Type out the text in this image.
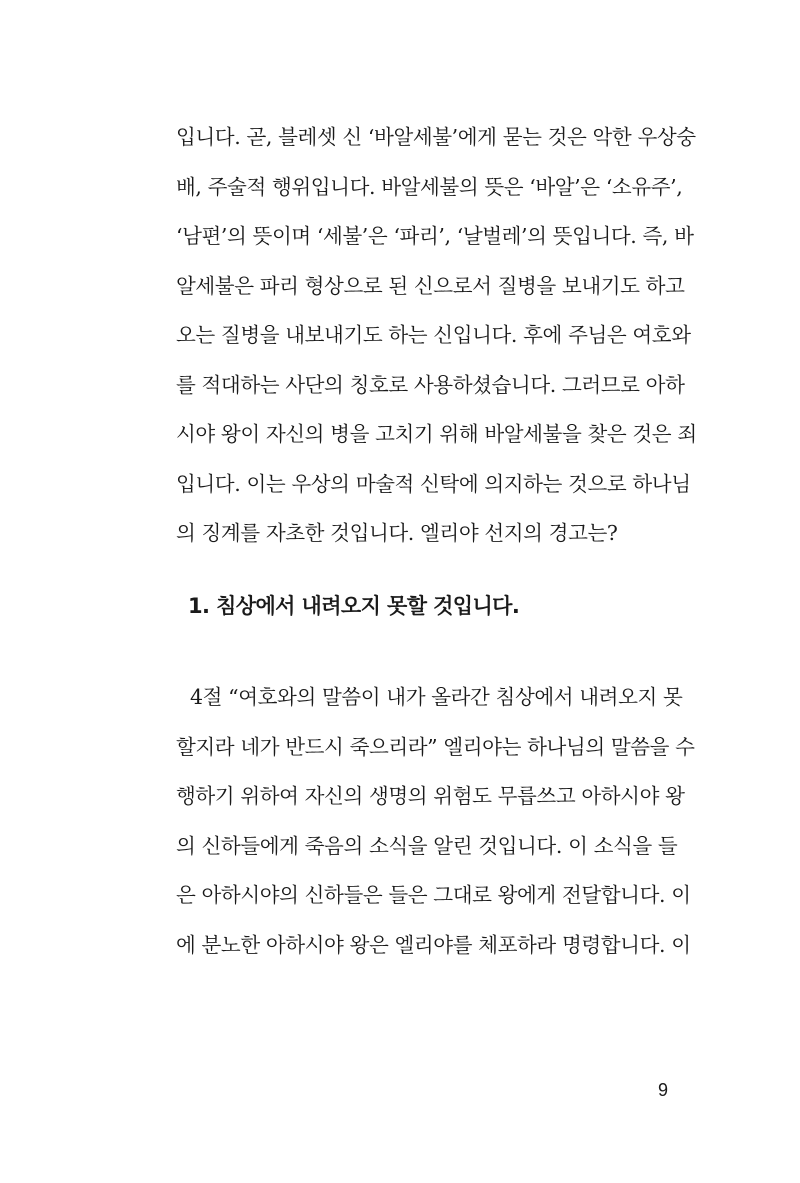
입니다. 곧, 블레셋 신 ‘바알세불’에게 묻는 것은 악한 우상숭
배, 주술적 행위입니다. 바알세불의 뜻은 ‘바알’은 ‘소유주’,
‘남편’의 뜻이며 ‘세불’은 ‘파리’, ‘날벌레’의 뜻입니다. 즉, 바
알세불은 파리 형상으로 된 신으로서 질병을 보내기도 하고
오는 질병을 내보내기도 하는 신입니다. 후에 주님은 여호와
를 적대하는 사단의 칭호로 사용하셨습니다. 그러므로 아하
시야 왕이 자신의 병을 고치기 위해 바알세불을 찾은 것은 죄
입니다. 이는 우상의 마술적 신탁에 의지하는 것으로 하나님
의 징계를 자초한 것입니다. 엘리야 선지의 경고는?
1. 침상에서 내려오지 못할 것입니다.
4절 “여호와의 말씀이 내가 올라간 침상에서 내려오지 못
할지라 네가 반드시 죽으리라” 엘리야는 하나님의 말씀을 수
행하기 위하여 자신의 생명의 위험도 무릅쓰고 아하시야 왕
의 신하들에게 죽음의 소식을 알린 것입니다. 이 소식을 들
은 아하시야의 신하들은 들은 그대로 왕에게 전달합니다. 이
에 분노한 아하시야 왕은 엘리야를 체포하라 명령합니다. 이
9
